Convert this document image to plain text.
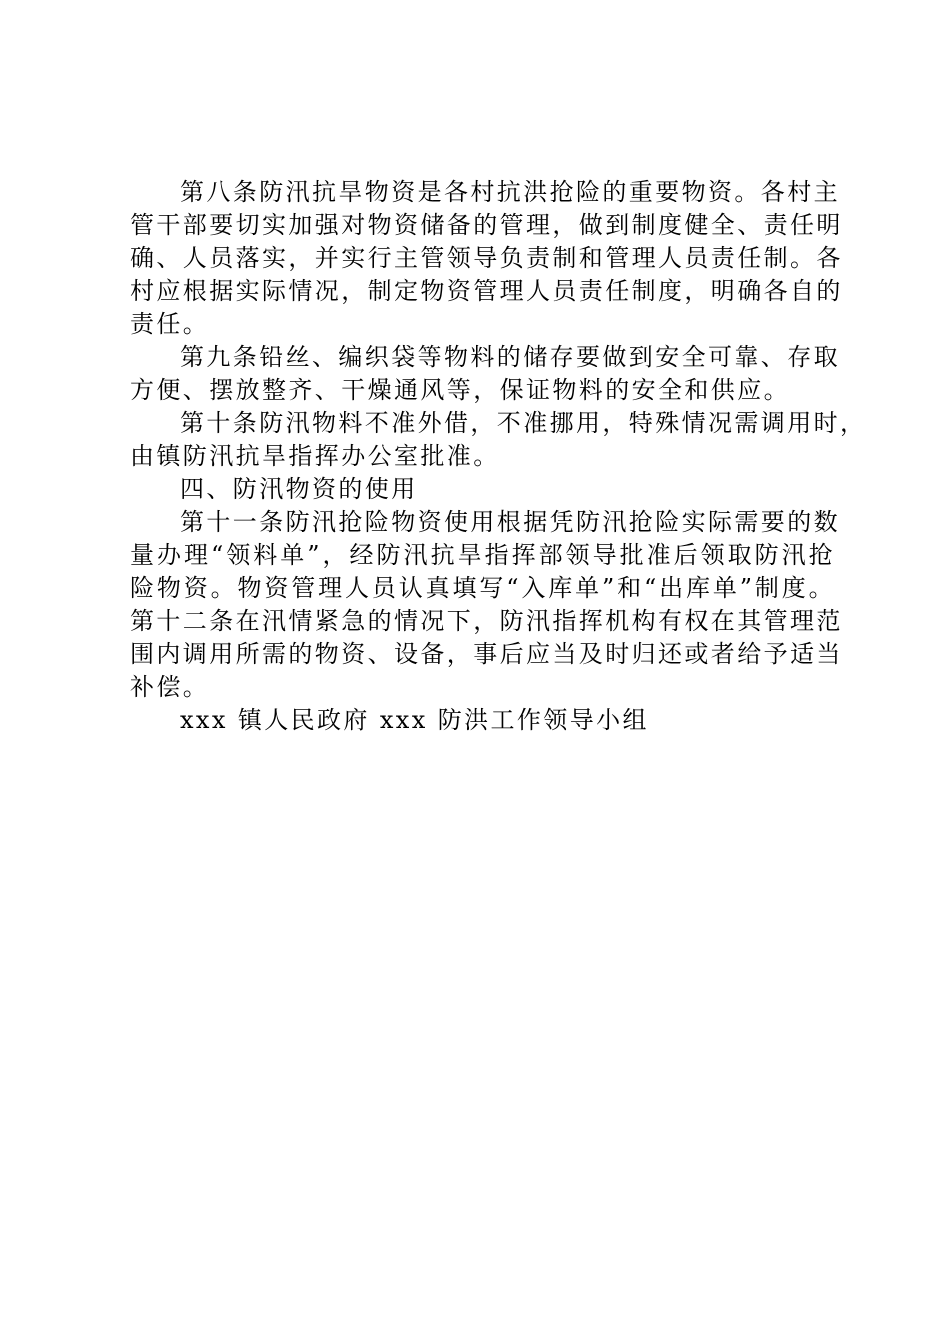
第八条防汛抗旱物资是各村抗洪抢险的重要物资。各村主
管干部要切实加强对物资储备的管理，做到制度健全、责任明
确、人员落实，并实行主管领导负责制和管理人员责任制。各
村应根据实际情况，制定物资管理人员责任制度，明确各自的
责任。
第九条铅丝、编织袋等物料的储存要做到安全可靠、存取
方便、摆放整齐、干燥通风等，保证物料的安全和供应。
第十条防汛物料不准外借，不准挪用，特殊情况需调用时，
由镇防汛抗旱指挥办公室批准。
四、防汛物资的使用
第十一条防汛抢险物资使用根据凭防汛抢险实际需要的数
量办理“领料单”，经防汛抗旱指挥部领导批准后领取防汛抢
险物资。物资管理人员认真填写“入库单”和“出库单”制度。
第十二条在汛情紧急的情况下，防汛指挥机构有权在其管理范
围内调用所需的物资、设备，事后应当及时归还或者给予适当
补偿。
xxx 镇人民政府 xxx 防洪工作领导小组
